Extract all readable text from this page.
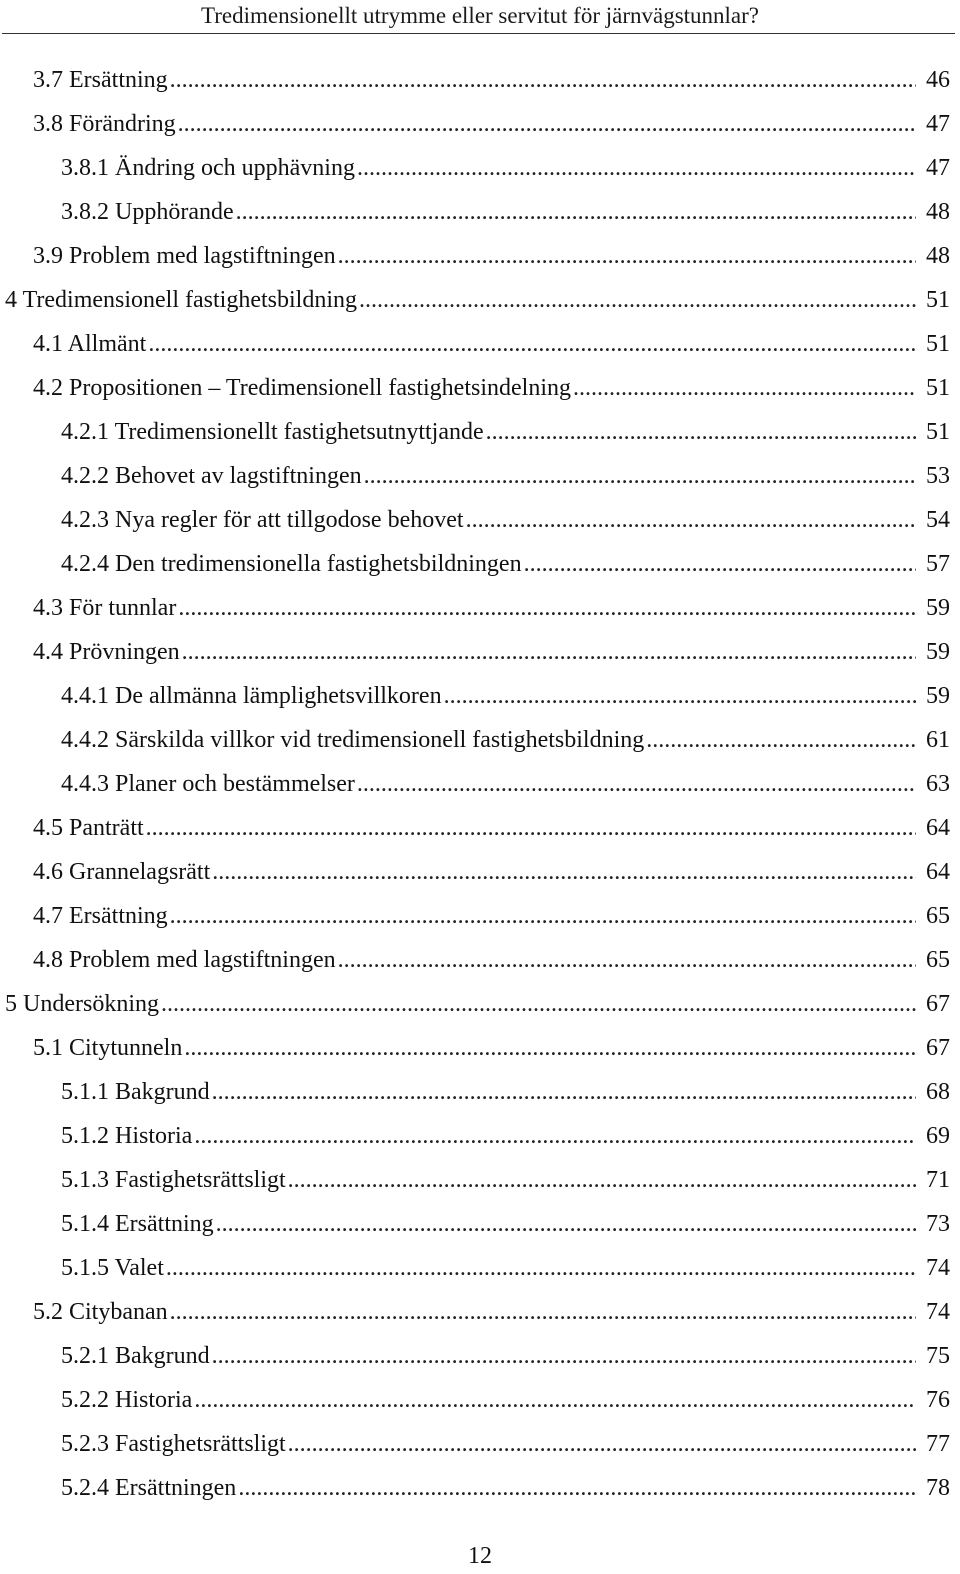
Tredimensionellt utrymme eller servitut för järnvägstunnlar?
3.7 Ersättning .....	46
3.8 Förändring .....	47
3.8.1 Ändring och upphävning .....	47
3.8.2 Upphörande .....	48
3.9 Problem med lagstiftningen .....	48
4 Tredimensionell fastighetsbildning .....	51
4.1 Allmänt .....	51
4.2 Propositionen – Tredimensionell fastighetsindelning .....	51
4.2.1 Tredimensionellt fastighetsutnyttjande .....	51
4.2.2 Behovet av lagstiftningen .....	53
4.2.3 Nya regler för att tillgodose behovet .....	54
4.2.4 Den tredimensionella fastighetsbildningen .....	57
4.3 För tunnlar .....	59
4.4 Prövningen .....	59
4.4.1 De allmänna lämplighetsvillkoren .....	59
4.4.2 Särskilda villkor vid tredimensionell fastighetsbildning .....	61
4.4.3 Planer och bestämmelser .....	63
4.5 Panträtt .....	64
4.6 Grannelagsrätt .....	64
4.7 Ersättning .....	65
4.8 Problem med lagstiftningen .....	65
5 Undersökning .....	67
5.1 Citytunneln .....	67
5.1.1 Bakgrund .....	68
5.1.2 Historia .....	69
5.1.3 Fastighetsrättsligt .....	71
5.1.4 Ersättning .....	73
5.1.5 Valet .....	74
5.2 Citybanan .....	74
5.2.1 Bakgrund .....	75
5.2.2 Historia .....	76
5.2.3 Fastighetsrättsligt .....	77
5.2.4 Ersättningen .....	78
12
